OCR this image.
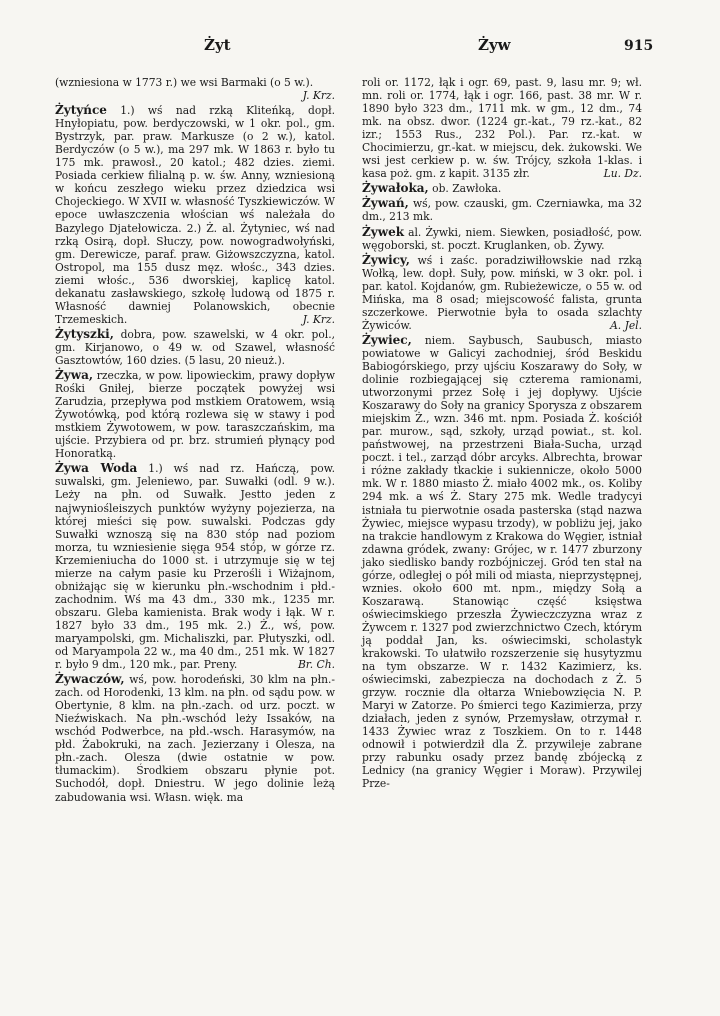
Żyt	Żyw	915
(wzniesiona w 1773 r.) we wsi Barmaki (o 5 w.).
J. Krz.
Żytyńce 1.) wś nad rzką Kliteńką, dopł. Hnyłopiatu, pow. berdyczowski, w 1 okr. pol., gm. Bystrzyk, par. praw. Markusze (o 2 w.), katol. Berdyczów (o 5 w.), ma 297 mk. W 1863 r. było tu 175 mk. prawosł., 20 katol.; 482 dzies. ziemi. Posiada cerkiew filialną p. w. św. Anny, wzniesioną w końcu zeszłego wieku przez dziedzica wsi Chojeckiego. W XVII w. własność Tyszkiewiczów. W epoce uwłaszczenia włościan wś należała do Bazylego Djatełowicza. 2.) Ż. al. Żytyniec, wś nad rzką Osirą, dopł. Słuczy, pow. nowogradwołyński, gm. Derewicze, paraf. praw. Giżowszczyzna, katol. Ostropol, ma 155 dusz męz. włośc., 343 dzies. ziemi włośc., 536 dworskiej, kaplicę katol. dekanatu zasławskiego, szkołę ludową od 1875 r. Własność dawniej Polanowskich, obecnie Trzemeskich.	J. Krz.
Żytyszki, dobra, pow. szawelski, w 4 okr. pol., gm. Kirjanowo, o 49 w. od Szawel, własność Gasztowtów, 160 dzies. (5 lasu, 20 nieuż.).
Żywa, rzeczka, w pow. lipowieckim, prawy dopływ Rośki Gniłej, bierze początek powyżej wsi Zarudzia, przepływa pod mstkiem Oratowem, wsią Żywotówką, pod którą rozlewa się w stawy i pod mstkiem Żywotowem, w pow. taraszczańskim, ma ujście. Przybiera od pr. brz. strumień płynący pod Honoratką.
Żywa Woda 1.) wś nad rz. Hańczą, pow. suwalski, gm. Jeleniewo, par. Suwałki (odl. 9 w.). Leży na płn. od Suwałk. Jestto jeden z najwyniośleiszych punktów wyżyny pojezierza, na której mieści się pow. suwalski. Podczas gdy Suwałki wznoszą się na 830 stóp nad poziom morza, tu wzniesienie sięga 954 stóp, w górze rz. Krzemieniucha do 1000 st. i utrzymuje się w tej mierze na całym pasie ku Przerośli i Wiżajnom, obniżając się w kierunku płn.-wschodnim i płd.-zachodnim. Wś ma 43 dm., 330 mk., 1235 mr. obszaru. Gleba kamienista. Brak wody i łąk. W r. 1827 było 33 dm., 195 mk. 2.) Ż., wś, pow. maryampolski, gm. Michaliszki, par. Płutyszki, odl. od Maryampola 22 w., ma 40 dm., 251 mk. W 1827 r. było 9 dm., 120 mk., par. Preny.	Br. Ch.
Żywaczów, wś, pow. horodeński, 30 klm na płn.-zach. od Horodenki, 13 klm. na płn. od sądu pow. w Obertynie, 8 klm. na płn.-zach. od urz. poczt. w Nieźwiskach. Na płn.-wschód leży Issaków, na wschód Podwerbce, na płd.-wsch. Harasymów, na płd. Żabokruki, na zach. Jezierzany i Olesza, na płn.-zach. Olesza (dwie ostatnie w pow. tłumackim). Środkiem obszaru płynie pot. Suchodół, dopł. Dniestru. W jego dolinie leżą zabudowania wsi. Własn. więk. ma
roli or. 1172, łąk i ogr. 69, past. 9, lasu mr. 9; wł. mn. roli or. 1774, łąk i ogr. 166, past. 38 mr. W r. 1890 było 323 dm., 1711 mk. w gm., 12 dm., 74 mk. na obsz. dwor. (1224 gr.-kat., 79 rz.-kat., 82 izr.; 1553 Rus., 232 Pol.). Par. rz.-kat. w Chocimierzu, gr.-kat. w miejscu, dek. żukowski. We wsi jest cerkiew p. w. św. Trójcy, szkoła 1-klas. i kasa poż. gm. z kapit. 3135 złr.	Lu. Dz.
Żywałoka, ob. Zawłoka.
Żywań, wś, pow. czauski, gm. Czerniawka, ma 32 dm., 213 mk.
Żywek al. Żywki, niem. Siewken, posiadłość, pow. węgoborski, st. poczt. Kruglanken, ob. Żywy.
Żywicy, wś i zaśc. poradziwiłłowskie nad rzką Wołką, lew. dopł. Suły, pow. miński, w 3 okr. pol. i par. katol. Kojdanów, gm. Rubieżewicze, o 55 w. od Mińska, ma 8 osad; miejscowość falista, grunta szczerkowe. Pierwotnie była to osada szlachty Żywiców.	A. Jel.
Żywiec, niem. Saybusch, Saubusch, miasto powiatowe w Galicyi zachodniej, śród Beskidu Babiogórskiego, przy ujściu Koszarawy do Soły, w dolinie rozbiegającej się czterema ramionami, utworzonymi przez Sołę i jej dopływy. Ujście Koszarawy do Soły na granicy Sporysza z obszarem miejskim Ż., wzn. 346 mt. npm. Posiada Ż. kościół par. murow., sąd, szkoły, urząd powiat., st. kol. państwowej, na przestrzeni Biała-Sucha, urząd poczt. i tel., zarząd dóbr arcyks. Albrechta, browar i różne zakłady tkackie i sukiennicze, około 5000 mk. W r. 1880 miasto Ż. miało 4002 mk., os. Koliby 294 mk. a wś Ż. Stary 275 mk. Wedle tradycyi istniała tu pierwotnie osada pasterska (stąd nazwa Żywiec, miejsce wypasu trzody), w pobliżu jej, jako na trakcie handlowym z Krakowa do Węgier, istniał zdawna gródek, zwany: Grójec, w r. 1477 zburzony jako siedlisko bandy rozbójniczej. Gród ten stał na górze, odległej o pół mili od miasta, nieprzystępnej, wznies. około 600 mt. npm., między Sołą a Koszarawą. Stanowiąc część księstwa oświecimskiego przeszła Żywieczczyzna wraz z Żywcem r. 1327 pod zwierzchnictwo Czech, którym ją poddał Jan, ks. oświecimski, scholastyk krakowski. To ułatwiło rozszerzenie się husytyzmu na tym obszarze. W r. 1432 Kazimierz, ks. oświecimski, zabezpiecza na dochodach z Ż. 5 grzyw. rocznie dla ołtarza Wniebowzięcia N. P. Maryi w Zatorze. Po śmierci tego Kazimierza, przy działach, jeden z synów, Przemysław, otrzymał r. 1433 Żywiec wraz z Toszkiem. On to r. 1448 odnowił i potwierdził dla Ż. przywileje zabrane przy rabunku osady przez bandę zbójecką z Lednicy (na granicy Węgier i Moraw). Przywilej Prze-
